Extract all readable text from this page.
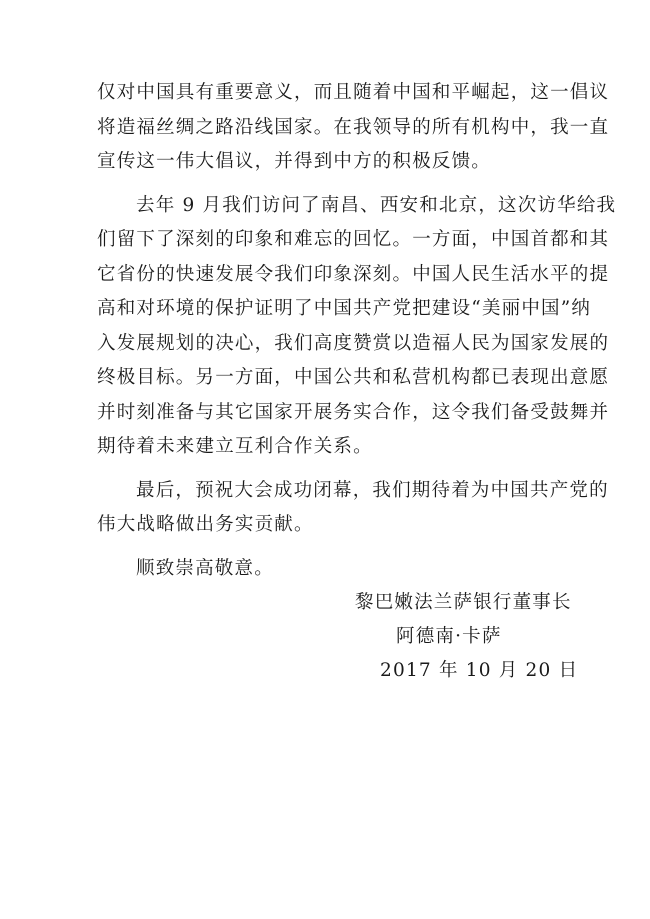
仅对中国具有重要意义，而且随着中国和平崛起，这一倡议
将造福丝绸之路沿线国家。在我领导的所有机构中，我一直
宣传这一伟大倡议，并得到中方的积极反馈。
去年 9 月我们访问了南昌、西安和北京，这次访华给我
们留下了深刻的印象和难忘的回忆。一方面，中国首都和其
它省份的快速发展令我们印象深刻。中国人民生活水平的提
高和对环境的保护证明了中国共产党把建设“美丽中国”纳
入发展规划的决心，我们高度赞赏以造福人民为国家发展的
终极目标。另一方面，中国公共和私营机构都已表现出意愿
并时刻准备与其它国家开展务实合作，这令我们备受鼓舞并
期待着未来建立互利合作关系。
最后，预祝大会成功闭幕，我们期待着为中国共产党的
伟大战略做出务实贡献。
顺致崇高敬意。
黎巴嫩法兰萨银行董事长
阿德南·卡萨
2017 年 10 月 20 日
